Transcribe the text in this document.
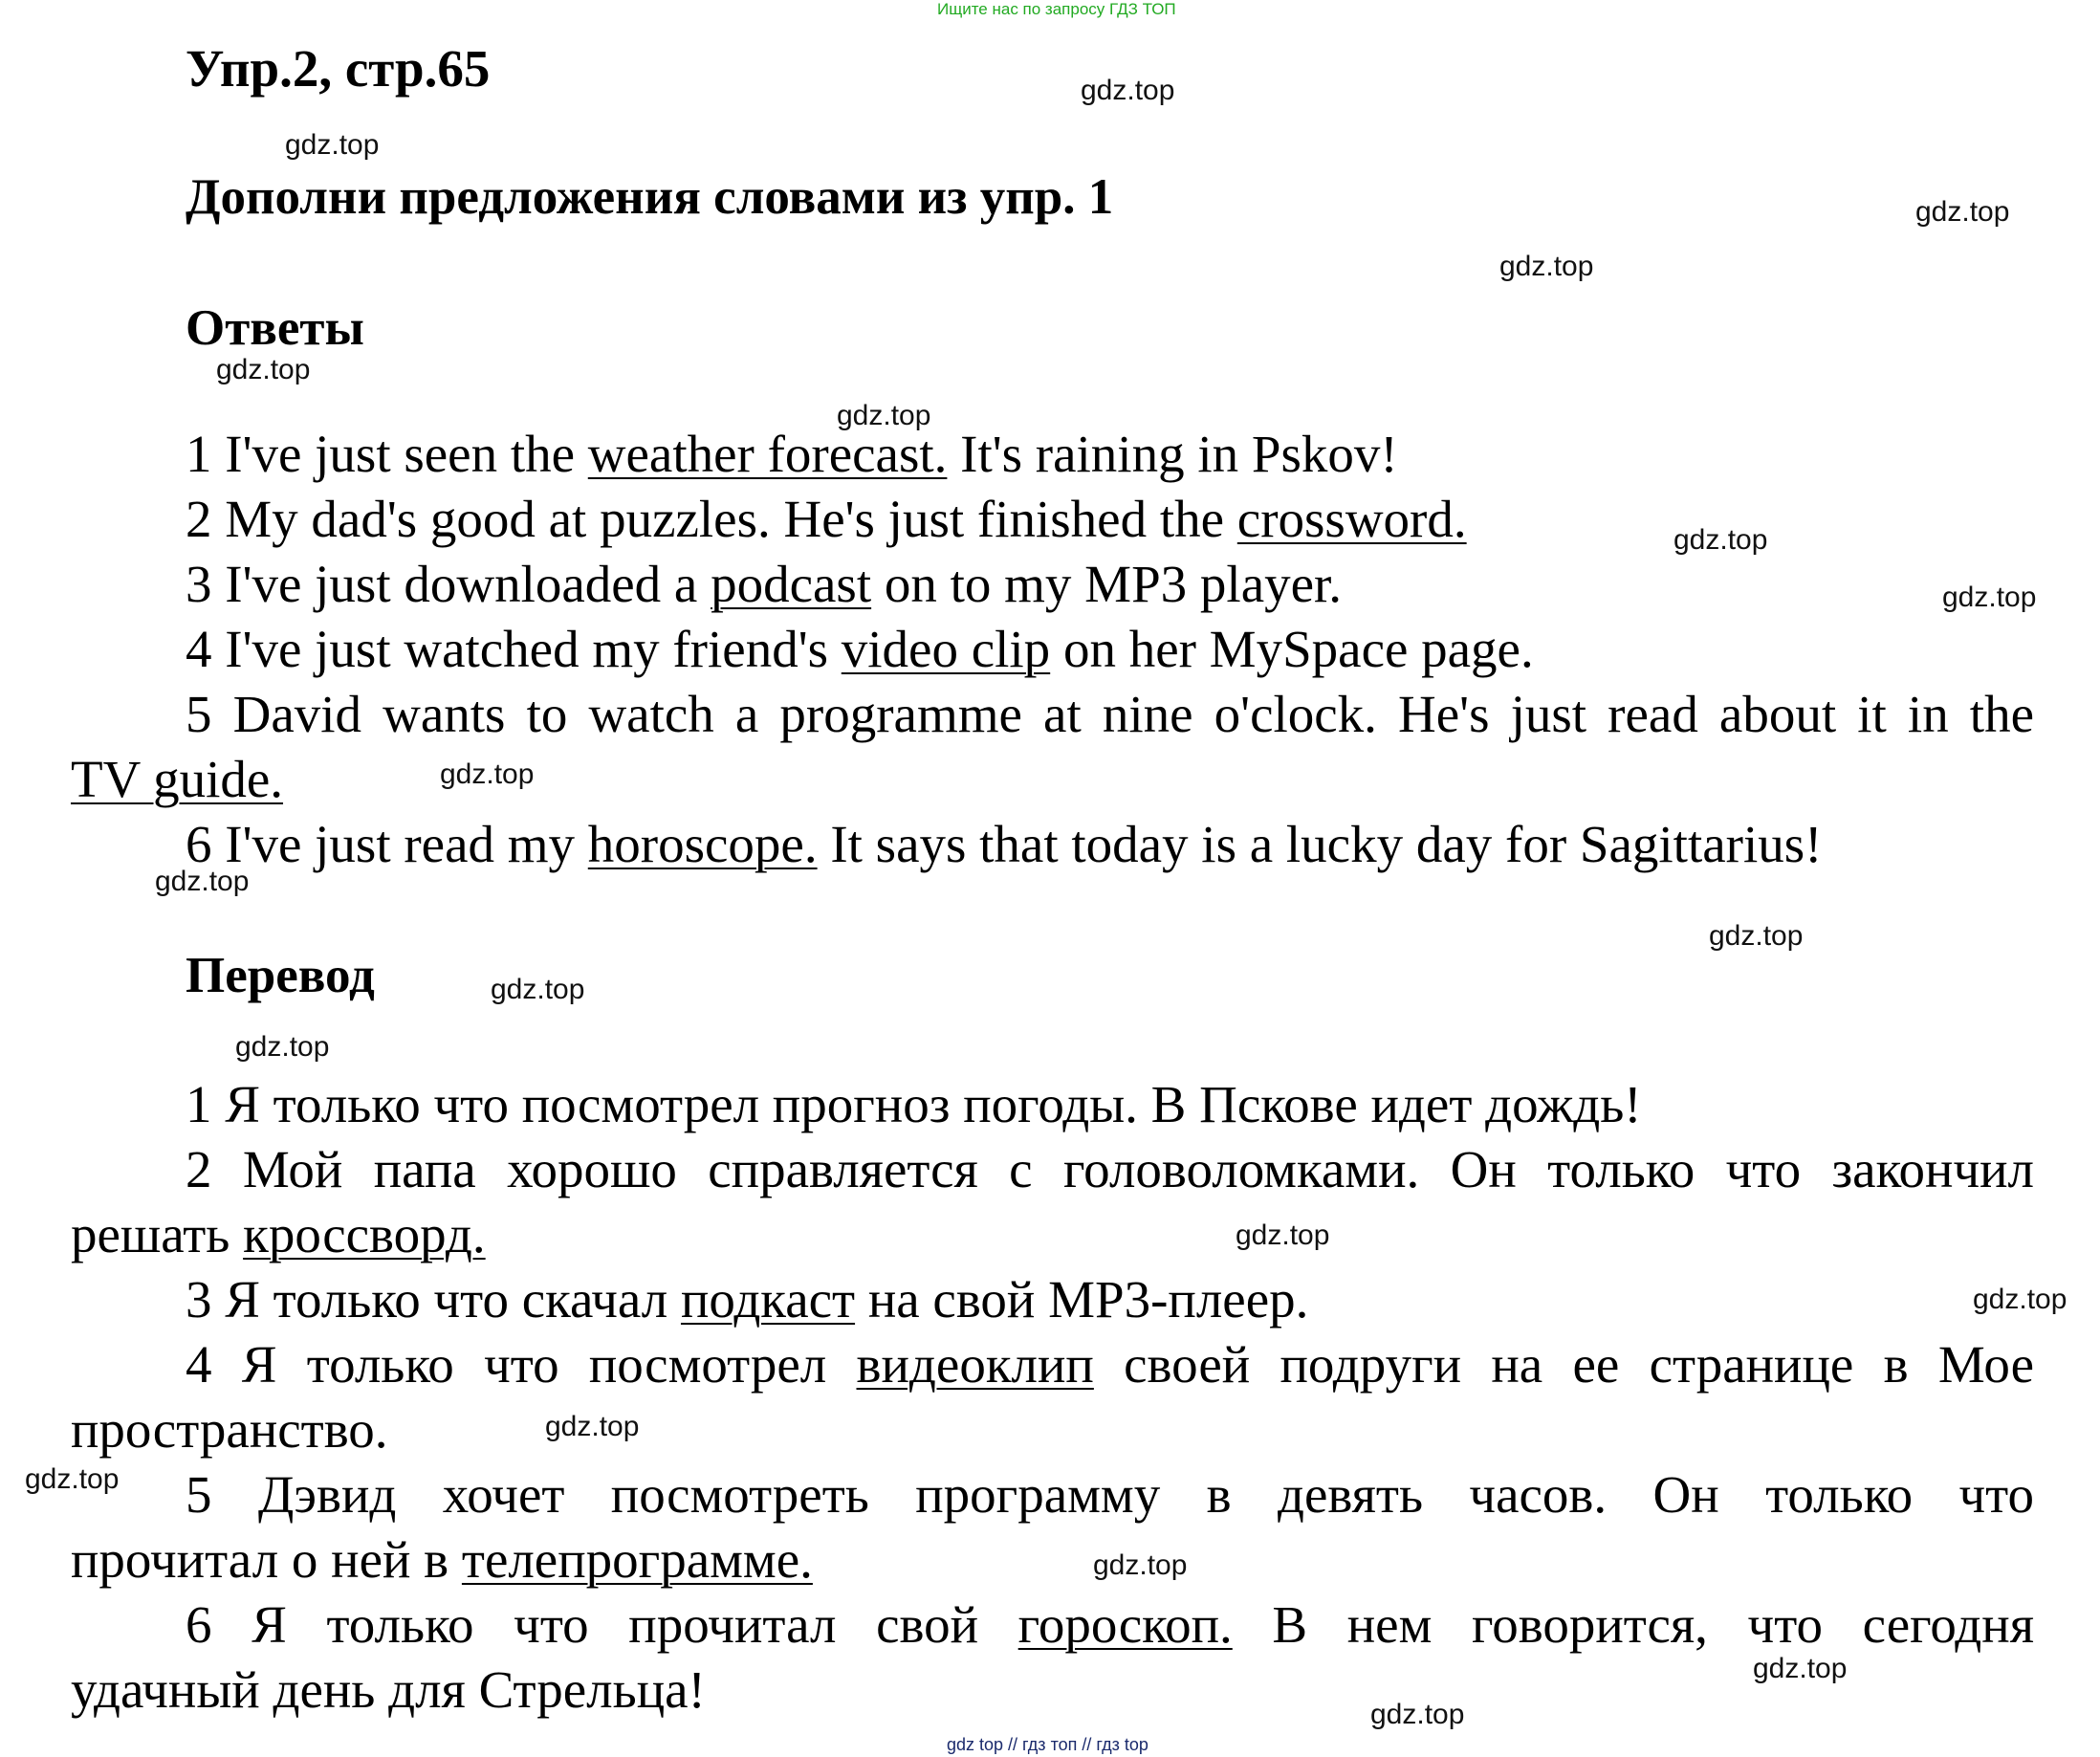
Ищите нас по запросу ГДЗ ТОП
Упр.2, стр.65
Дополни предложения словами из упр. 1
Ответы
1 I've just seen the weather forecast. It's raining in Pskov!
2 My dad's good at puzzles. He's just finished the crossword.
3 I've just downloaded a podcast on to my MP3 player.
4 I've just watched my friend's video clip on her MySpace page.
5 David wants to watch a programme at nine o'clock. He's just read about it in the
TV guide.
6 I've just read my horoscope. It says that today is a lucky day for Sagittarius!
Перевод
1 Я только что посмотрел прогноз погоды. В Пскове идет дождь!
2 Мой папа хорошо справляется с головоломками. Он только что закончил
решать кроссворд.
3 Я только что скачал подкаст на свой MP3-плеер.
4 Я только что посмотрел видеоклип своей подруги на ее странице в Мое
пространство.
5 Дэвид хочет посмотреть программу в девять часов. Он только что
прочитал о ней в телепрограмме.
6 Я только что прочитал свой гороскоп. В нем говорится, что сегодня
удачный день для Стрельца!
gdz.top
gdz.top
gdz.top
gdz.top
gdz.top
gdz.top
gdz.top
gdz.top
gdz.top
gdz.top
gdz.top
gdz.top
gdz.top
gdz.top
gdz.top
gdz.top
gdz.top
gdz.top
gdz.top
gdz.top
gdz top // гдз топ // гдз top
